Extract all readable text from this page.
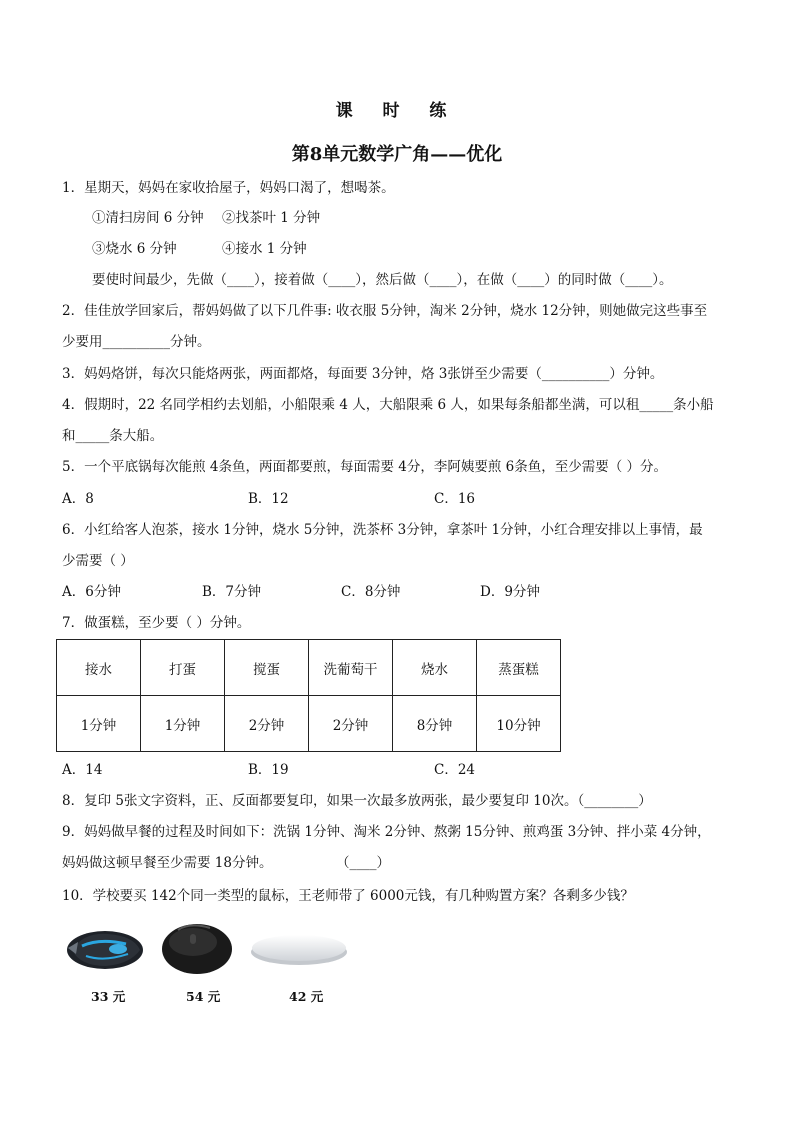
课 时 练
第8单元数学广角——优化
1．星期天，妈妈在家收拾屋子，妈妈口渴了，想喝茶。
①清扫房间 6 分钟 ②找茶叶 1 分钟
③烧水 6 分钟	④接水 1 分钟
要使时间最少，先做（____），接着做（____），然后做（____），在做（____）的同时做（____）。
2．佳佳放学回家后，帮妈妈做了以下几件事: 收衣服 5分钟，淘米 2分钟，烧水 12分钟，则她做完这些事至
少要用__________分钟。
3．妈妈烙饼，每次只能烙两张，两面都烙，每面要 3分钟，烙 3张饼至少需要（__________）分钟。
4．假期时，22 名同学相约去划船，小船限乘 4 人，大船限乘 6 人，如果每条船都坐满，可以租_____条小船
和_____条大船。
5．一个平底锅每次能煎 4条鱼，两面都要煎，每面需要 4分，李阿姨要煎 6条鱼，至少需要（ ）分。
A．8	B．12	C．16
6．小红给客人泡茶，接水 1分钟，烧水 5分钟，洗茶杯 3分钟，拿茶叶 1分钟，小红合理安排以上事情，最
少需要（ ）
A．6分钟	B．7分钟	C．8分钟	D．9分钟
7．做蛋糕，至少要（ ）分钟。
接水	打蛋	搅蛋	洗葡萄干	烧水	蒸蛋糕
1分钟	1分钟	2分钟	2分钟	8分钟	10分钟
A．14	B．19	C．24
8．复印 5张文字资料，正、反面都要复印，如果一次最多放两张，最少要复印 10次。（________）
9．妈妈做早餐的过程及时间如下：洗锅 1分钟、淘米 2分钟、熬粥 15分钟、煎鸡蛋 3分钟、拌小菜 4分钟，
妈妈做这顿早餐至少需要 18分钟。	（____）
10．学校要买 142个同一类型的鼠标，王老师带了 6000元钱，有几种购置方案？各剩多少钱？
33 元	54 元	42 元
